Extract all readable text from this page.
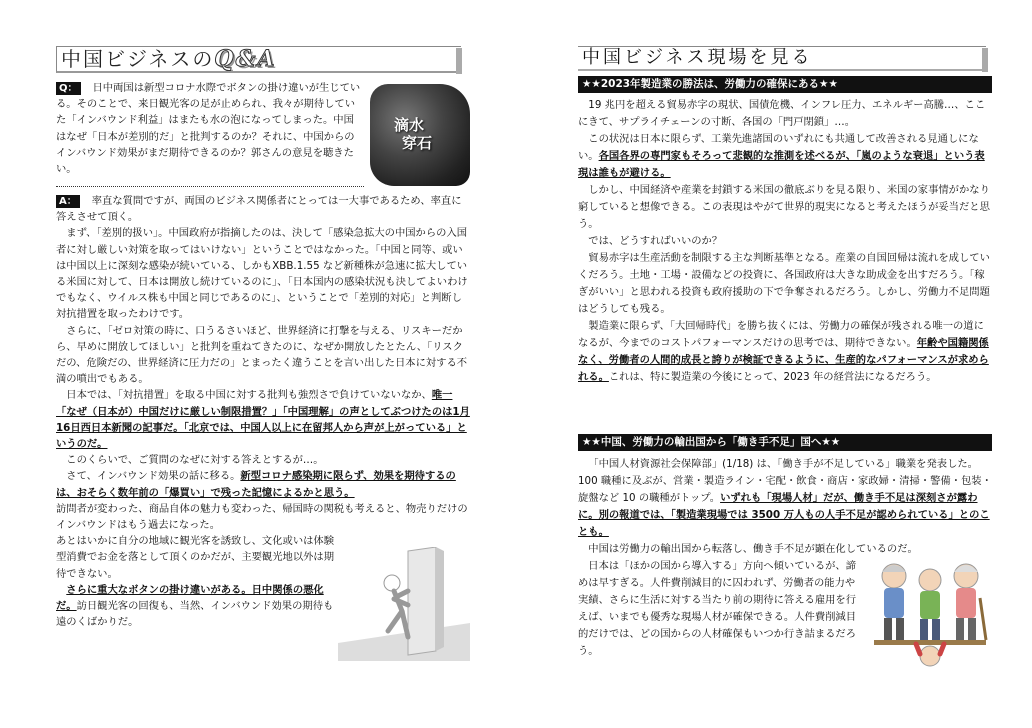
中国ビジネスのQ&A
Q： 日中両国は新型コロナ水際でボタンの掛け違いが生じている。そのことで、来日観光客の足が止められ、我々が期待していた「インバウンド利益」はまたも水の泡になってしまった。中国はなぜ「日本が差別的だ」と批判するのか？それに、中国からのインバウンド効果がまだ期待できるのか？郭さんの意見を聴きたい。
滴水
穿石

A： 率直な質問ですが、両国のビジネス関係者にとっては一大事であるため、率直に答えさせて頂く。

まず、「差別的扱い」。中国政府が指摘したのは、決して「感染急拡大の中国からの入国者に対し厳しい対策を取ってはいけない」ということではなかった。「中国と同等、或いは中国以上に深刻な感染が続いている、しかもXBB.1.55 など新種株が急速に拡大している米国に対して、日本は開放し続けているのに」、「日本国内の感染状況も決してよいわけでもなく、ウイルス株も中国と同じであるのに」、ということで「差別的対応」と判断し対抗措置を取ったわけです。

さらに、「ゼロ対策の時に、口うるさいほど、世界経済に打撃を与える、リスキーだから、早めに開放してほしい」と批判を重ねてきたのに、なぜか開放したとたん、「リスクだの、危険だの、世界経済に圧力だの」とまったく違うことを言い出した日本に対する不満の噴出でもある。

日本では、「対抗措置」を取る中国に対する批判も強烈さで負けていないなか、唯一「なぜ（日本が）中国だけに厳しい制限措置？」「中国理解」の声としてぶつけたのは1月16日西日本新聞の記事だ。「北京では、中国人以上に在留邦人から声が上がっている」というのだ。

このくらいで、ご質問のなぜに対する答えとするが…。

さて、インバウンド効果の話に移る。新型コロナ感染期に限らず、効果を期待するのは、おそらく数年前の「爆買い」で残った記憶によるかと思う。
訪問者が変わった、商品自体の魅力も変わった、帰国時の関税も考えると、物売りだけのインバウンドはもう過去になった。

あとはいかに自分の地域に観光客を誘致し、文化或いは体験型消費でお金を落として頂くのかだが、主要観光地以外は期待できない。

さらに重大なボタンの掛け違いがある。日中関係の悪化だ。訪日観光客の回復も、当然、インバウンド効果の期待も遠のくばかりだ。

中国ビジネス現場を見る
★★2023年製造業の勝法は、労働力の確保にある★★

19 兆円を超える貿易赤字の現状、国債危機、インフレ圧力、エネルギー高騰…、ここにきて、サプライチェーンの寸断、各国の「門戸閉鎖」…。

この状況は日本に限らず、工業先進諸国のいずれにも共通して改善される見通しにない。各国各界の専門家もそろって悲観的な推測を述べるが、「嵐のような衰退」という表現は誰もが避ける。

しかし、中国経済や産業を封鎖する米国の徹底ぶりを見る限り、米国の家事情がかなり窮していると想像できる。この表現はやがて世界的現実になると考えたほうが妥当だと思う。

では、どうすればいいのか？

貿易赤字は生産活動を制限する主な判断基準となる。産業の自国回帰は流れを成していくだろう。土地・工場・設備などの投資に、各国政府は大きな助成金を出すだろう。「稼ぎがいい」と思われる投資も政府援助の下で争奪されるだろう。しかし、労働力不足問題はどうしても残る。

製造業に限らず、「大回帰時代」を勝ち抜くには、労働力の確保が残される唯一の道になるが、今までのコストパフォーマンスだけの思考では、期待できない。年齢や国籍関係なく、労働者の人間的成長と誇りが検証できるように、生産的なパフォーマンスが求められる。これは、特に製造業の今後にとって、2023 年の経営法になるだろう。

★★中国、労働力の輸出国から「働き手不足」国へ★★

「中国人材資源社会保障部」(1/18) は、「働き手が不足している」職業を発表した。100 職種に及ぶが、営業・製造ライン・宅配・飲食・商店・家政婦・清掃・警備・包装・旋盤など 10 の職種がトップ。いずれも「現場人材」だが、働き手不足は深刻さが露わに。別の報道では、「製造業現場では 3500 万人もの人手不足が認められている」とのことも。

中国は労働力の輸出国から転落し、働き手不足が顕在化しているのだ。

日本は「ほかの国から導入する」方向へ傾いているが、諦めは早すぎる。人件費削減目的に囚われず、労働者の能力や実績、さらに生活に対する当たり前の期待に答える雇用を行えば、いまでも優秀な現場人材が確保できる。人件費削減目的だけでは、どの国からの人材確保もいつか行き詰まるだろう。
